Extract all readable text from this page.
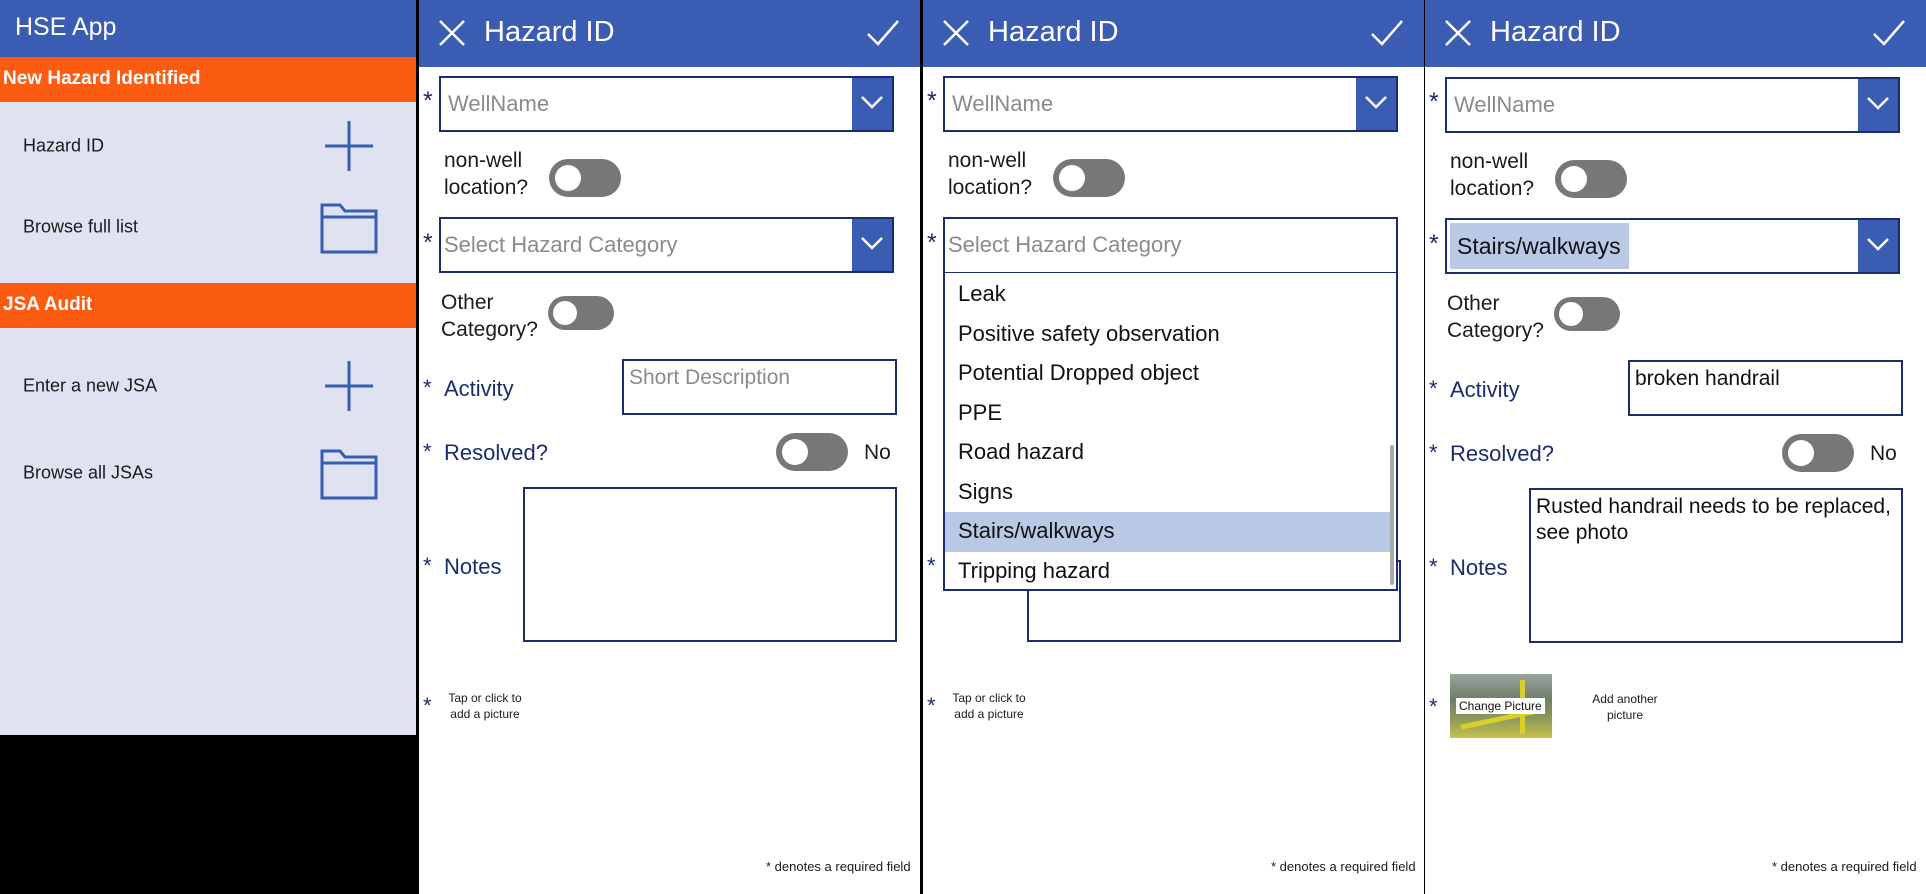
HSE App
New Hazard Identified
Hazard ID
Browse full list
JSA Audit
Enter a new JSA
Browse all JSAs
Hazard ID
* WellName
non-well location?
* Select Hazard Category
Other Category?
* Activity	Short Description
* Resolved?	No
* Notes
* Tap or click to add a picture
* denotes a required field
Hazard ID
* WellName
non-well location?
* Select Hazard Category
*
Leak
Positive safety observation
Potential Dropped object
PPE
Road hazard
Signs
Stairs/walkways
Tripping hazard
* Tap or click to add a picture
* denotes a required field
Hazard ID
* WellName
non-well location?
* Stairs/walkways
Other Category?
* Activity	broken handrail
* Resolved?	No
* Notes
Rusted handrail needs to be replaced, see photo
* Change Picture	Add another picture
* denotes a required field
